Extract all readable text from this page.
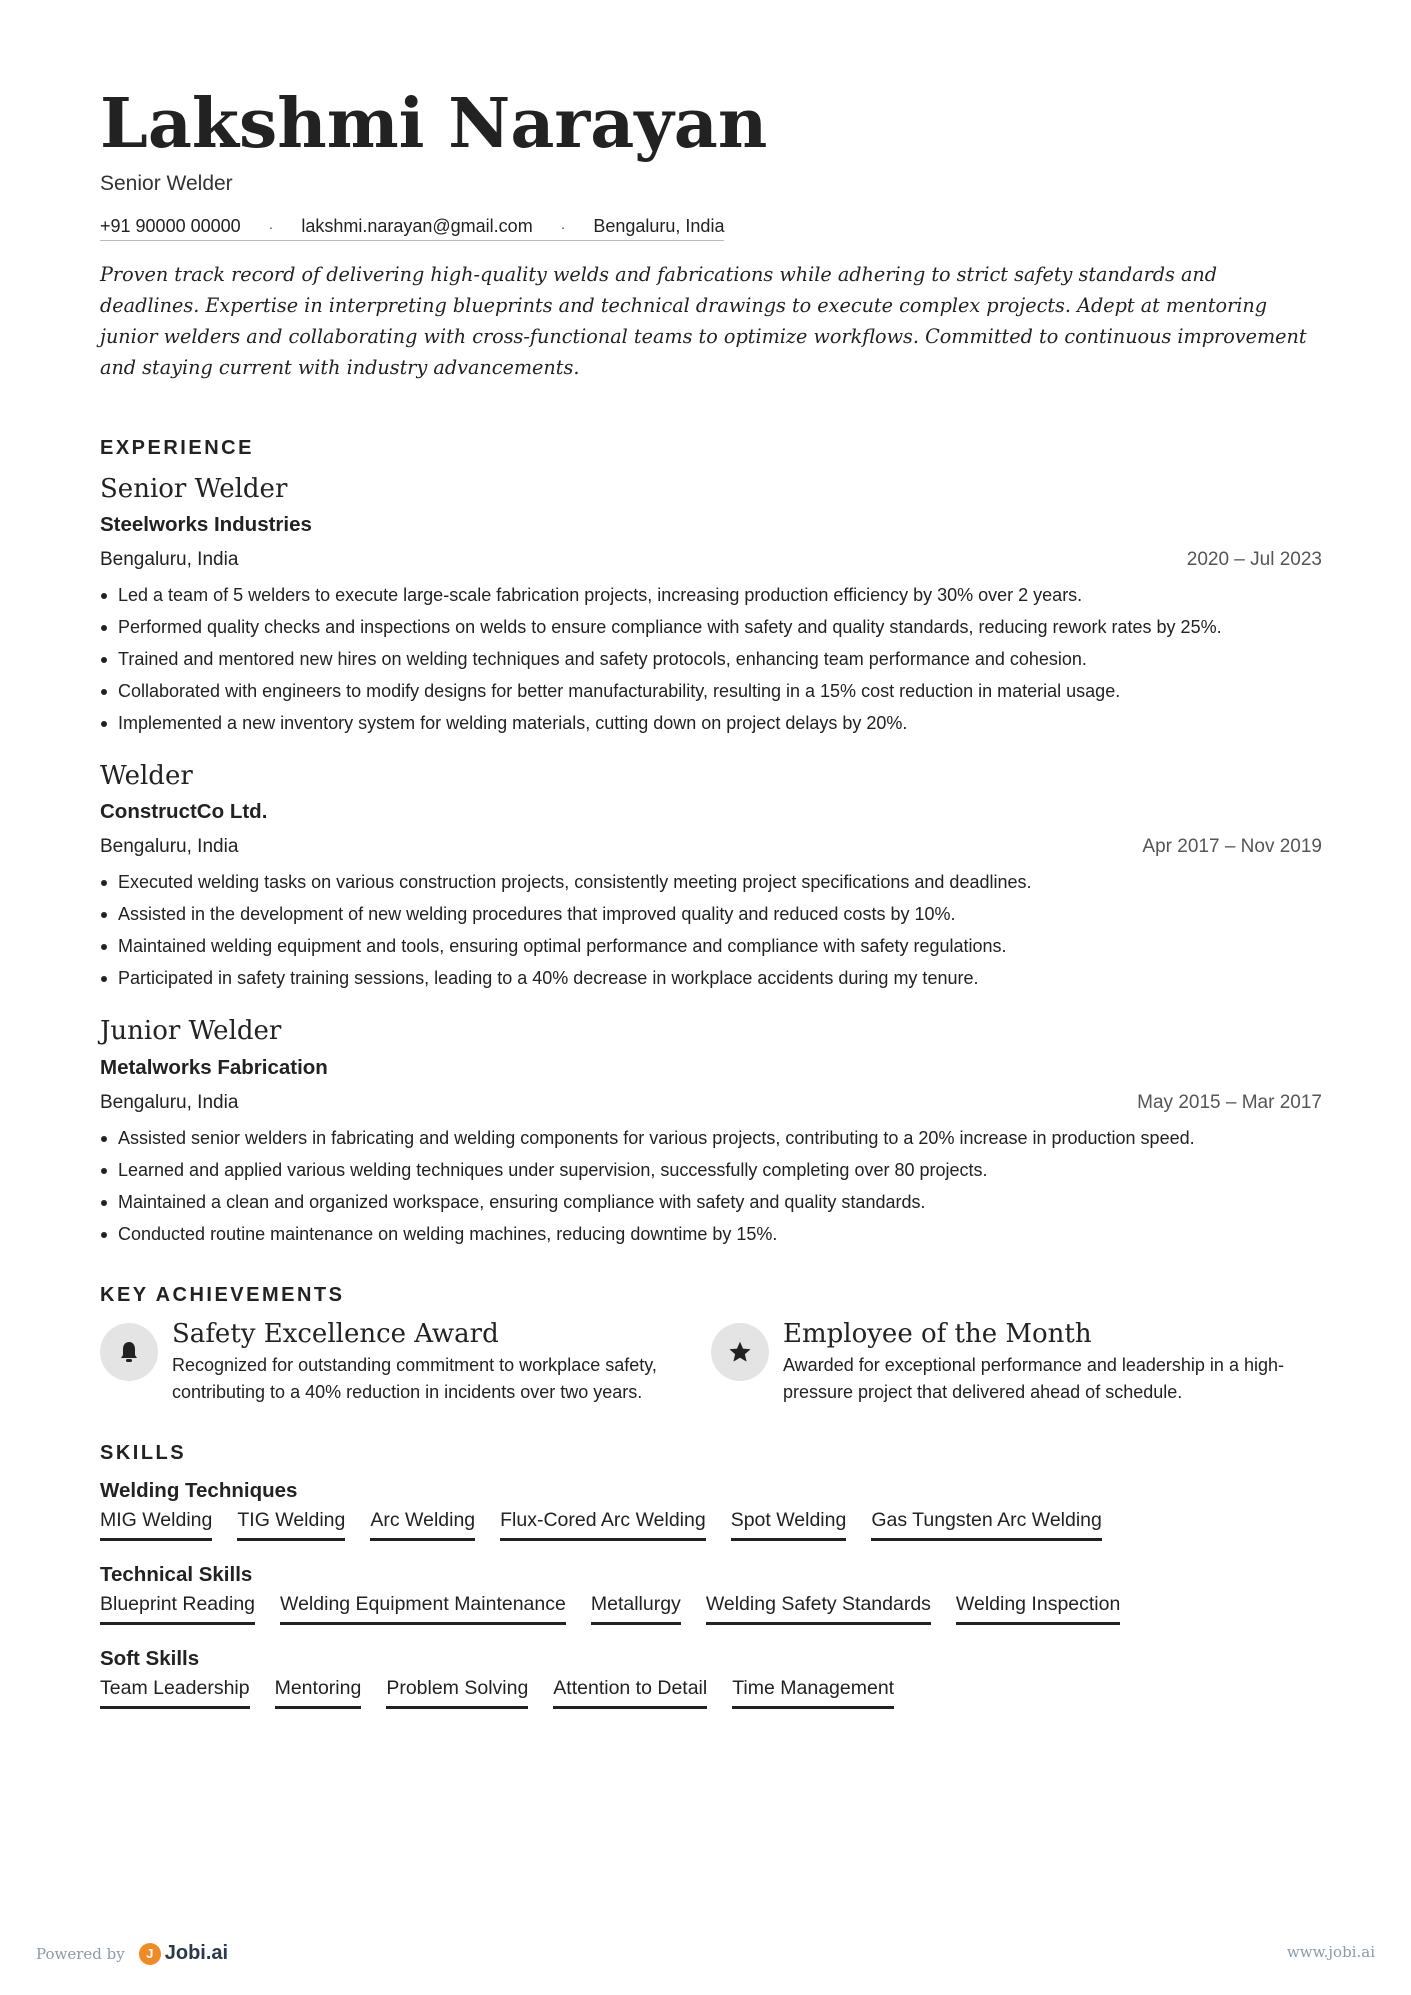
Lakshmi Narayan
Senior Welder
+91 90000 00000 · lakshmi.narayan@gmail.com · Bengaluru, India
Proven track record of delivering high-quality welds and fabrications while adhering to strict safety standards and deadlines. Expertise in interpreting blueprints and technical drawings to execute complex projects. Adept at mentoring junior welders and collaborating with cross-functional teams to optimize workflows. Committed to continuous improvement and staying current with industry advancements.
EXPERIENCE
Senior Welder
Steelworks Industries
Bengaluru, India	2020 – Jul 2023
Led a team of 5 welders to execute large-scale fabrication projects, increasing production efficiency by 30% over 2 years.
Performed quality checks and inspections on welds to ensure compliance with safety and quality standards, reducing rework rates by 25%.
Trained and mentored new hires on welding techniques and safety protocols, enhancing team performance and cohesion.
Collaborated with engineers to modify designs for better manufacturability, resulting in a 15% cost reduction in material usage.
Implemented a new inventory system for welding materials, cutting down on project delays by 20%.
Welder
ConstructCo Ltd.
Bengaluru, India	Apr 2017 – Nov 2019
Executed welding tasks on various construction projects, consistently meeting project specifications and deadlines.
Assisted in the development of new welding procedures that improved quality and reduced costs by 10%.
Maintained welding equipment and tools, ensuring optimal performance and compliance with safety regulations.
Participated in safety training sessions, leading to a 40% decrease in workplace accidents during my tenure.
Junior Welder
Metalworks Fabrication
Bengaluru, India	May 2015 – Mar 2017
Assisted senior welders in fabricating and welding components for various projects, contributing to a 20% increase in production speed.
Learned and applied various welding techniques under supervision, successfully completing over 80 projects.
Maintained a clean and organized workspace, ensuring compliance with safety and quality standards.
Conducted routine maintenance on welding machines, reducing downtime by 15%.
KEY ACHIEVEMENTS
Safety Excellence Award
Recognized for outstanding commitment to workplace safety, contributing to a 40% reduction in incidents over two years.
Employee of the Month
Awarded for exceptional performance and leadership in a high-pressure project that delivered ahead of schedule.
SKILLS
Welding Techniques
MIG Welding TIG Welding Arc Welding Flux-Cored Arc Welding Spot Welding Gas Tungsten Arc Welding
Technical Skills
Blueprint Reading Welding Equipment Maintenance Metallurgy Welding Safety Standards Welding Inspection
Soft Skills
Team Leadership Mentoring Problem Solving Attention to Detail Time Management
Powered by	J Jobi.ai	www.jobi.ai
